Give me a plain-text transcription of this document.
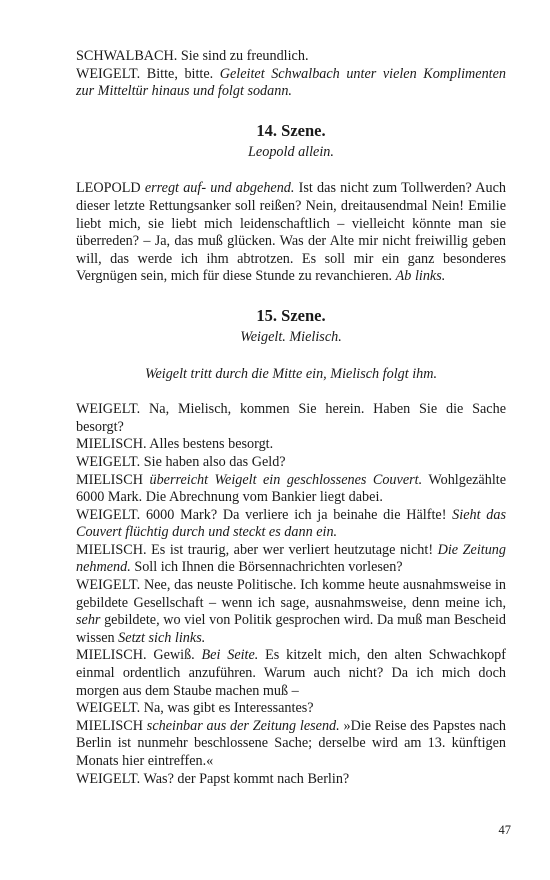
SCHWALBACH. Sie sind zu freundlich.

WEIGELT. Bitte, bitte. Geleitet Schwalbach unter vielen Komplimenten zur Mitteltür hinaus und folgt sodann.

14. Szene.

Leopold allein.

LEOPOLD erregt auf- und abgehend. Ist das nicht zum Tollwerden? Auch dieser letzte Rettungsanker soll reißen? Nein, dreitausendmal Nein! Emilie liebt mich, sie liebt mich leidenschaftlich – vielleicht könnte man sie überreden? – Ja, das muß glücken. Was der Alte mir nicht freiwillig geben will, das werde ich ihm abtrotzen. Es soll mir ein ganz besonderes Vergnügen sein, mich für diese Stunde zu revanchieren. Ab links.

15. Szene.

Weigelt. Mielisch.

Weigelt tritt durch die Mitte ein, Mielisch folgt ihm.

WEIGELT. Na, Mielisch, kommen Sie herein. Haben Sie die Sache besorgt?

MIELISCH. Alles bestens besorgt.

WEIGELT. Sie haben also das Geld?

MIELISCH überreicht Weigelt ein geschlossenes Couvert. Wohlgezählte 6000 Mark. Die Abrechnung vom Bankier liegt dabei.

WEIGELT. 6000 Mark? Da verliere ich ja beinahe die Hälfte! Sieht das Couvert flüchtig durch und steckt es dann ein.

MIELISCH. Es ist traurig, aber wer verliert heutzutage nicht! Die Zeitung nehmend. Soll ich Ihnen die Börsennachrichten vorlesen?

WEIGELT. Nee, das neuste Politische. Ich komme heute ausnahmsweise in gebildete Gesellschaft – wenn ich sage, ausnahmsweise, denn meine ich, sehr gebildete, wo viel von Politik gesprochen wird. Da muß man Bescheid wissen Setzt sich links.

MIELISCH. Gewiß. Bei Seite. Es kitzelt mich, den alten Schwachkopf einmal ordentlich anzuführen. Warum auch nicht? Da ich mich doch morgen aus dem Staube machen muß –

WEIGELT. Na, was gibt es Interessantes?

MIELISCH scheinbar aus der Zeitung lesend. »Die Reise des Papstes nach Berlin ist nunmehr beschlossene Sache; derselbe wird am 13. künftigen Monats hier eintreffen.«

WEIGELT. Was? der Papst kommt nach Berlin?

47
